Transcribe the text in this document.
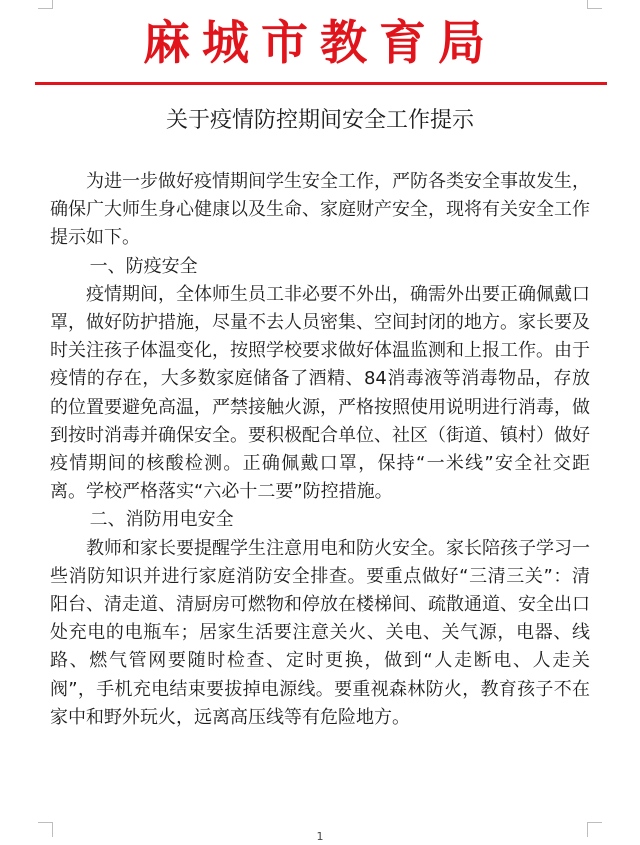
麻城市教育局
关于疫情防控期间安全工作提示

为进一步做好疫情期间学生安全工作，严防各类安全事故发生，确保广大师生身心健康以及生命、家庭财产安全，现将有关安全工作提示如下。

一、防疫安全

疫情期间，全体师生员工非必要不外出，确需外出要正确佩戴口罩，做好防护措施，尽量不去人员密集、空间封闭的地方。家长要及时关注孩子体温变化，按照学校要求做好体温监测和上报工作。由于疫情的存在，大多数家庭储备了酒精、84消毒液等消毒物品，存放的位置要避免高温，严禁接触火源，严格按照使用说明进行消毒，做到按时消毒并确保安全。要积极配合单位、社区（街道、镇村）做好疫情期间的核酸检测。正确佩戴口罩，保持“一米线”安全社交距离。学校严格落实“六必十二要”防控措施。

二、消防用电安全

教师和家长要提醒学生注意用电和防火安全。家长陪孩子学习一些消防知识并进行家庭消防安全排查。要重点做好“三清三关”：清阳台、清走道、清厨房可燃物和停放在楼梯间、疏散通道、安全出口处充电的电瓶车；居家生活要注意关火、关电、关气源，电器、线路、燃气管网要随时检查、定时更换，做到“人走断电、人走关阀”，手机充电结束要拔掉电源线。要重视森林防火，教育孩子不在家中和野外玩火，远离高压线等有危险地方。

1
